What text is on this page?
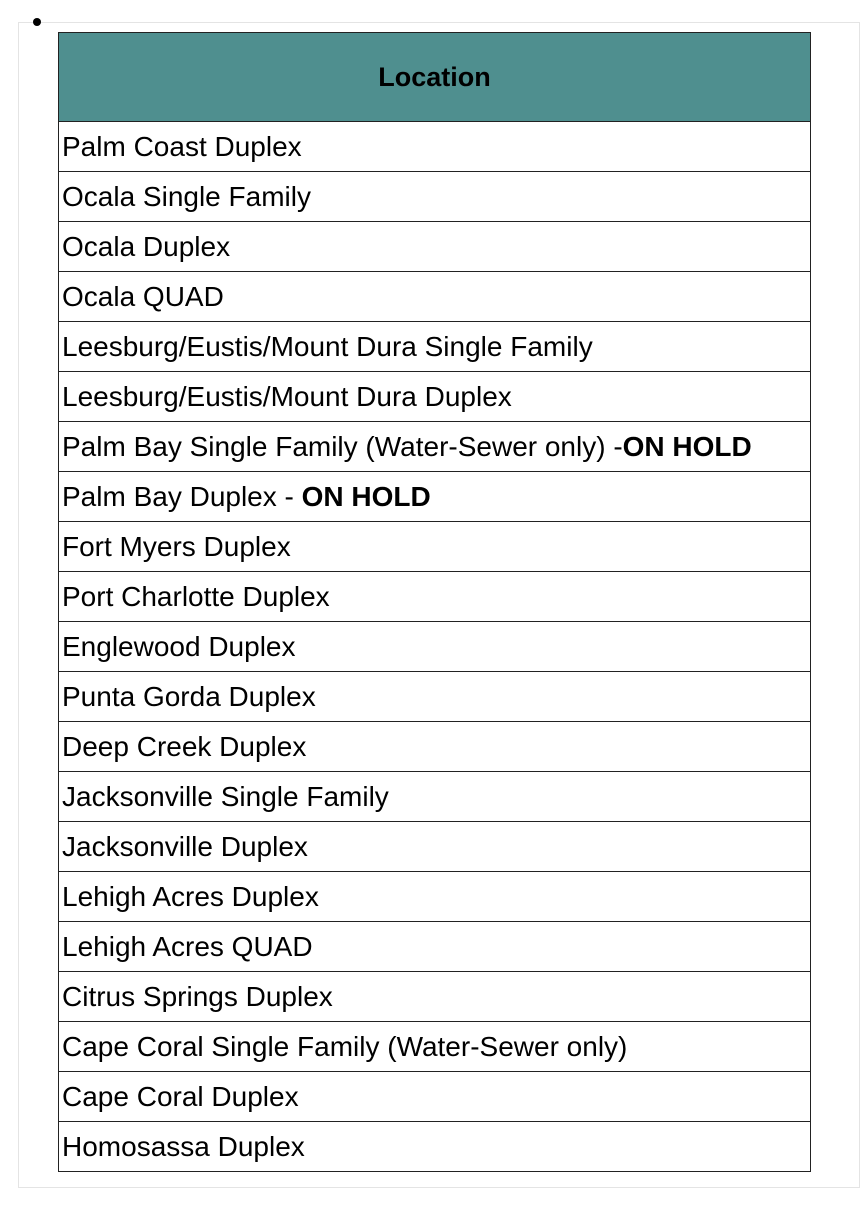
Location
Palm Coast Duplex
Ocala Single Family
Ocala Duplex
Ocala QUAD
Leesburg/Eustis/Mount Dura Single Family
Leesburg/Eustis/Mount Dura Duplex
Palm Bay Single Family (Water-Sewer only) -ON HOLD
Palm Bay Duplex - ON HOLD
Fort Myers Duplex
Port Charlotte Duplex
Englewood Duplex
Punta Gorda Duplex
Deep Creek Duplex
Jacksonville Single Family
Jacksonville Duplex
Lehigh Acres Duplex
Lehigh Acres QUAD
Citrus Springs Duplex
Cape Coral Single Family (Water-Sewer only)
Cape Coral Duplex
Homosassa Duplex
